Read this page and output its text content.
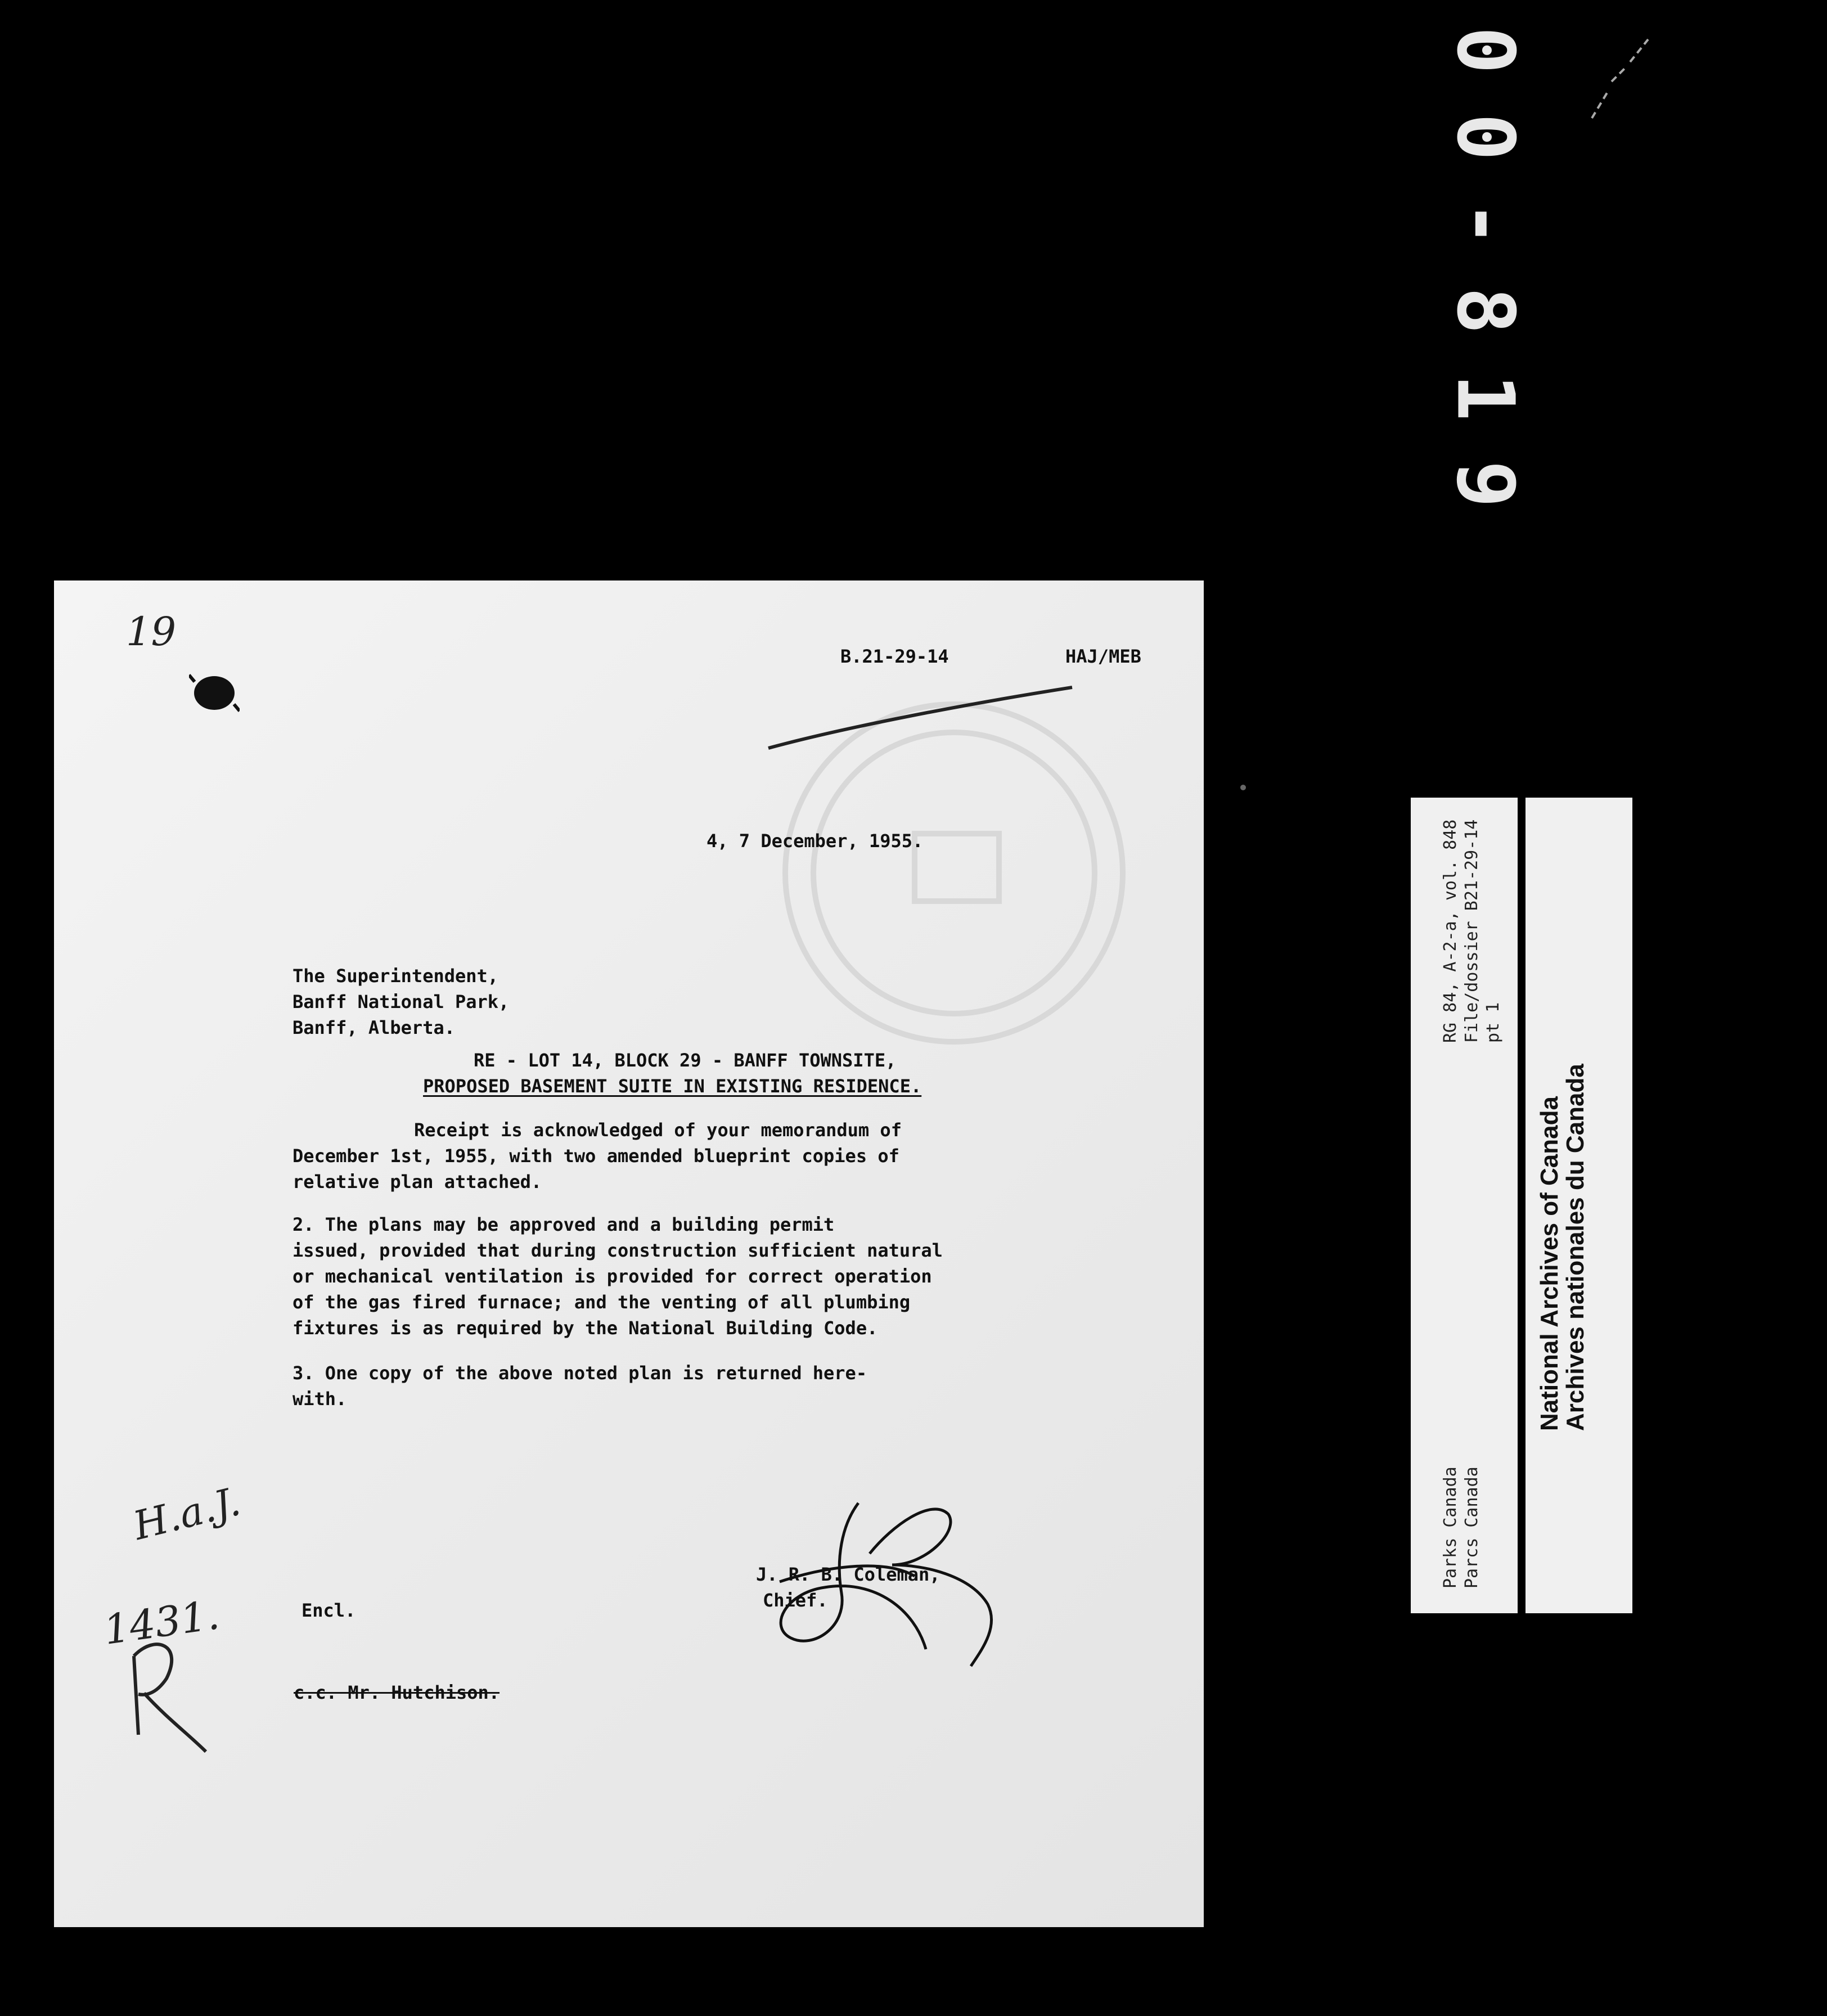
00-819
19
B.21-29-14	HAJ/MEB
4, 7 December, 1955.
The Superintendent,
Banff National Park,
Banff, Alberta.
RE - LOT 14, BLOCK 29 - BANFF TOWNSITE,
PROPOSED BASEMENT SUITE IN EXISTING RESIDENCE.
Receipt is acknowledged of your memorandum of
December 1st, 1955, with two amended blueprint copies of
relative plan attached.
2. The plans may be approved and a building permit
issued, provided that during construction sufficient natural
or mechanical ventilation is provided for correct operation
of the gas fired furnace; and the venting of all plumbing
fixtures is as required by the National Building Code.
3. One copy of the above noted plan is returned here-
with.
H.a.J.
1431.
J. R. B. Coleman,
Chief.
Encl.
c.c. Mr. Hutchison.
RG 84, A-2-a, vol. 848 File/dossier B21-29-14 pt 1
Parks Canada Parcs Canada
National Archives of Canada
Archives nationales du Canada
